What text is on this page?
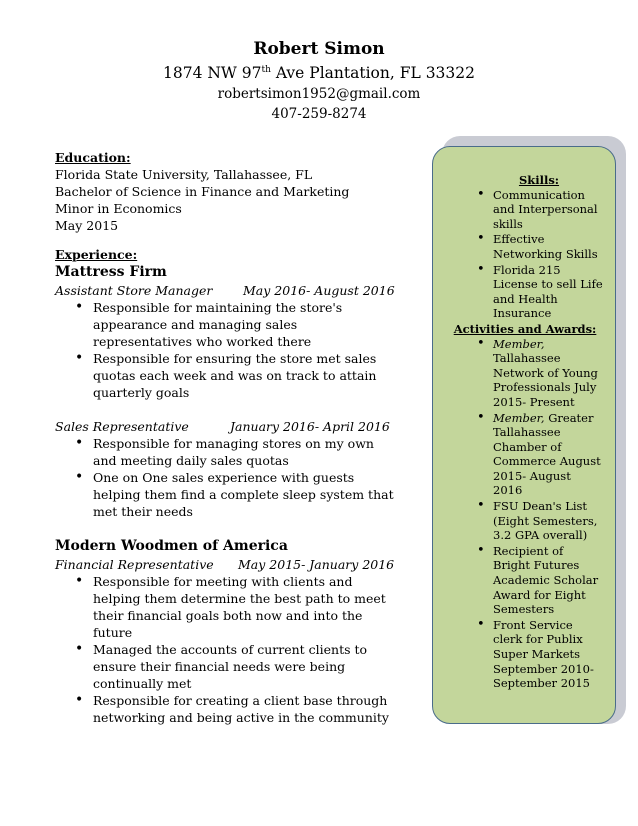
Robert Simon
1874 NW 97th Ave Plantation, FL 33322
robertsimon1952@gmail.com
407-259-8274
Education:
Florida State University, Tallahassee, FL
Bachelor of Science in Finance and Marketing
Minor in Economics
May 2015
Experience:
Mattress Firm
Assistant Store Manager May 2016- August 2016
• Responsible for maintaining the store's appearance and managing sales representatives who worked there
• Responsible for ensuring the store met sales quotas each week and was on track to attain quarterly goals
Sales Representative	January 2016- April 2016
• Responsible for managing stores on my own and meeting daily sales quotas
• One on One sales experience with guests helping them find a complete sleep system that met their needs
Modern Woodmen of America
Financial Representative May 2015- January 2016
• Responsible for meeting with clients and helping them determine the best path to meet their financial goals both now and into the future
• Managed the accounts of current clients to ensure their financial needs were being continually met
• Responsible for creating a client base through networking and being active in the community
Skills:
• Communication and Interpersonal skills
• Effective Networking Skills
• Florida 215 License to sell Life and Health Insurance
Activities and Awards:
• Member, Tallahassee Network of Young Professionals July 2015- Present
• Member, Greater Tallahassee Chamber of Commerce August 2015- August 2016
• FSU Dean's List (Eight Semesters, 3.2 GPA overall)
• Recipient of Bright Futures Academic Scholar Award for Eight Semesters
• Front Service clerk for Publix Super Markets September 2010- September 2015
